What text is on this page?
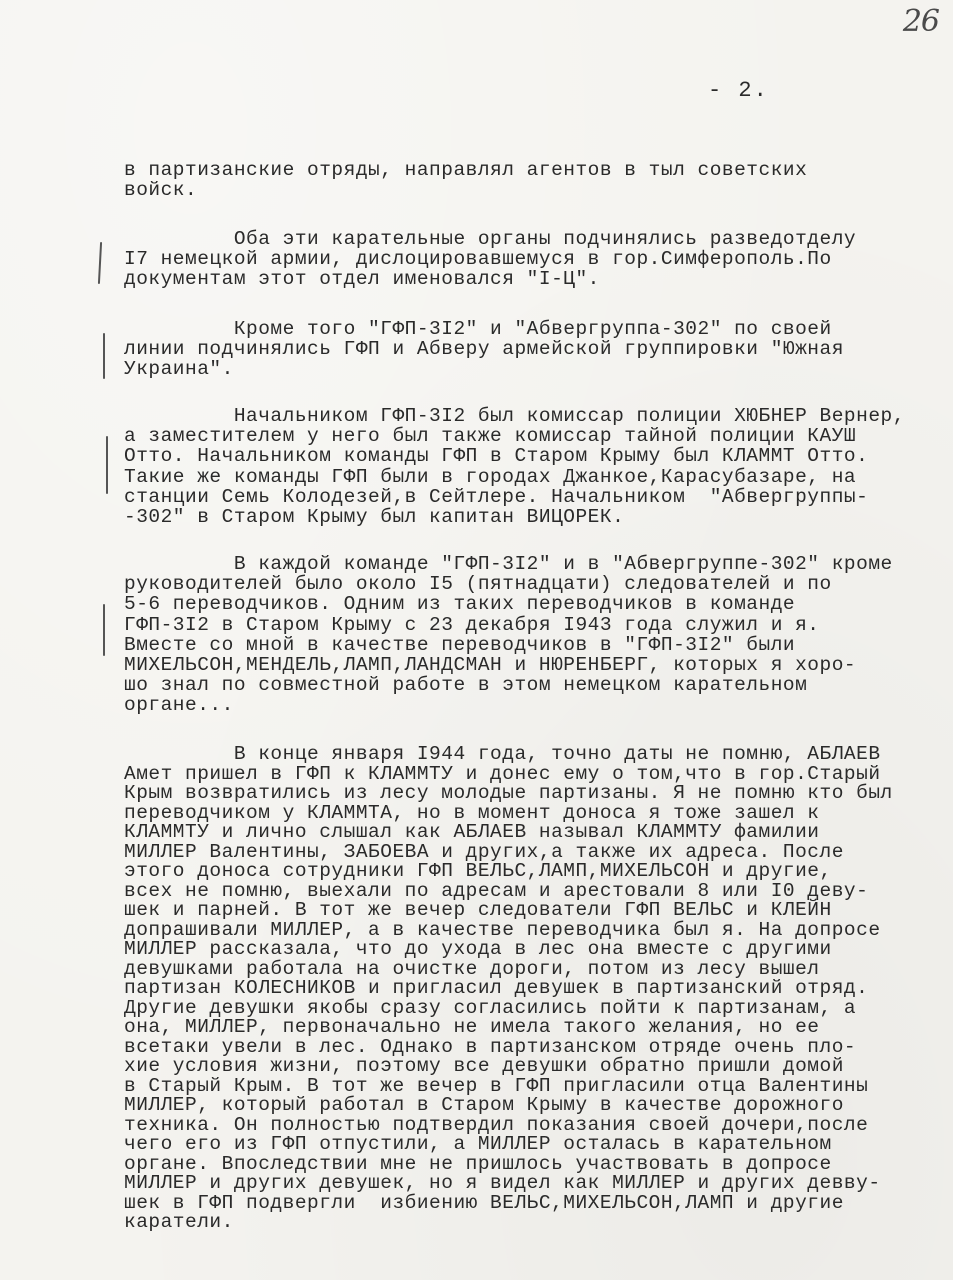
26
- 2.

в партизанские отряды, направлял агентов в тыл советских
войск.

Оба эти карательные органы подчинялись разведотделу
I7 немецкой армии, дислоцировавшемуся в гор.Симферополь.По
документам этот отдел именовался "I-Ц".

Кроме того "ГФП-3I2" и "Абвергруппа-302" по своей
линии подчинялись ГФП и Абверу армейской группировки "Южная
Украина".

Начальником ГФП-3I2 был комиссар полиции ХЮБНЕР Вернер,
а заместителем у него был также комиссар тайной полиции КАУШ
Отто. Начальником команды ГФП в Старом Крыму был КЛАММТ Отто.
Такие же команды ГФП были в городах Джанкое,Карасубазаре, на
станции Семь Колодезей,в Сейтлере. Начальником  "Абвергруппы-
-302" в Старом Крыму был капитан ВИЦОРЕК.

В каждой команде "ГФП-3I2" и в "Абвергруппе-302" кроме
руководителей было около I5 (пятнадцати) следователей и по
5-6 переводчиков. Одним из таких переводчиков в команде
ГФП-3I2 в Старом Крыму с 23 декабря I943 года служил и я.
Вместе со мной в качестве переводчиков в "ГФП-3I2" были
МИХЕЛЬСОН,МЕНДЕЛЬ,ЛАМП,ЛАНДСМАН и НЮРЕНБЕРГ, которых я хоро-
шо знал по совместной работе в этом немецком карательном
органе...

В конце января I944 года, точно даты не помню, АБЛАЕВ
Амет пришел в ГФП к КЛАММТУ и донес ему о том,что в гор.Старый
Крым возвратились из лесу молодые партизаны. Я не помню кто был
переводчиком у КЛАММТА, но в момент доноса я тоже зашел к
КЛАММТУ и лично слышал как АБЛАЕВ называл КЛАММТУ фамилии
МИЛЛЕР Валентины, ЗАБОЕВА и других,а также их адреса. После
этого доноса сотрудники ГФП ВЕЛЬС,ЛАМП,МИХЕЛЬСОН и другие,
всех не помню, выехали по адресам и арестовали 8 или I0 деву-
шек и парней. В тот же вечер следователи ГФП ВЕЛЬС и КЛЕЙН
допрашивали МИЛЛЕР, а в качестве переводчика был я. На допросе
МИЛЛЕР рассказала, что до ухода в лес она вместе с другими
девушками работала на очистке дороги, потом из лесу вышел
партизан КОЛЕСНИКОВ и пригласил девушек в партизанский отряд.
Другие девушки якобы сразу согласились пойти к партизанам, а
она, МИЛЛЕР, первоначально не имела такого желания, но ее
всетаки увели в лес. Однако в партизанском отряде очень пло-
хие условия жизни, поэтому все девушки обратно пришли домой
в Старый Крым. В тот же вечер в ГФП пригласили отца Валентины
МИЛЛЕР, который работал в Старом Крыму в качестве дорожного
техника. Он полностью подтвердил показания своей дочери,после
чего его из ГФП отпустили, а МИЛЛЕР осталась в карательном
органе. Впоследствии мне не пришлось участвовать в допросе
МИЛЛЕР и других девушек, но я видел как МИЛЛЕР и других девву-
шек в ГФП подвергли  избиению ВЕЛЬС,МИХЕЛЬСОН,ЛАМП и другие
каратели.
